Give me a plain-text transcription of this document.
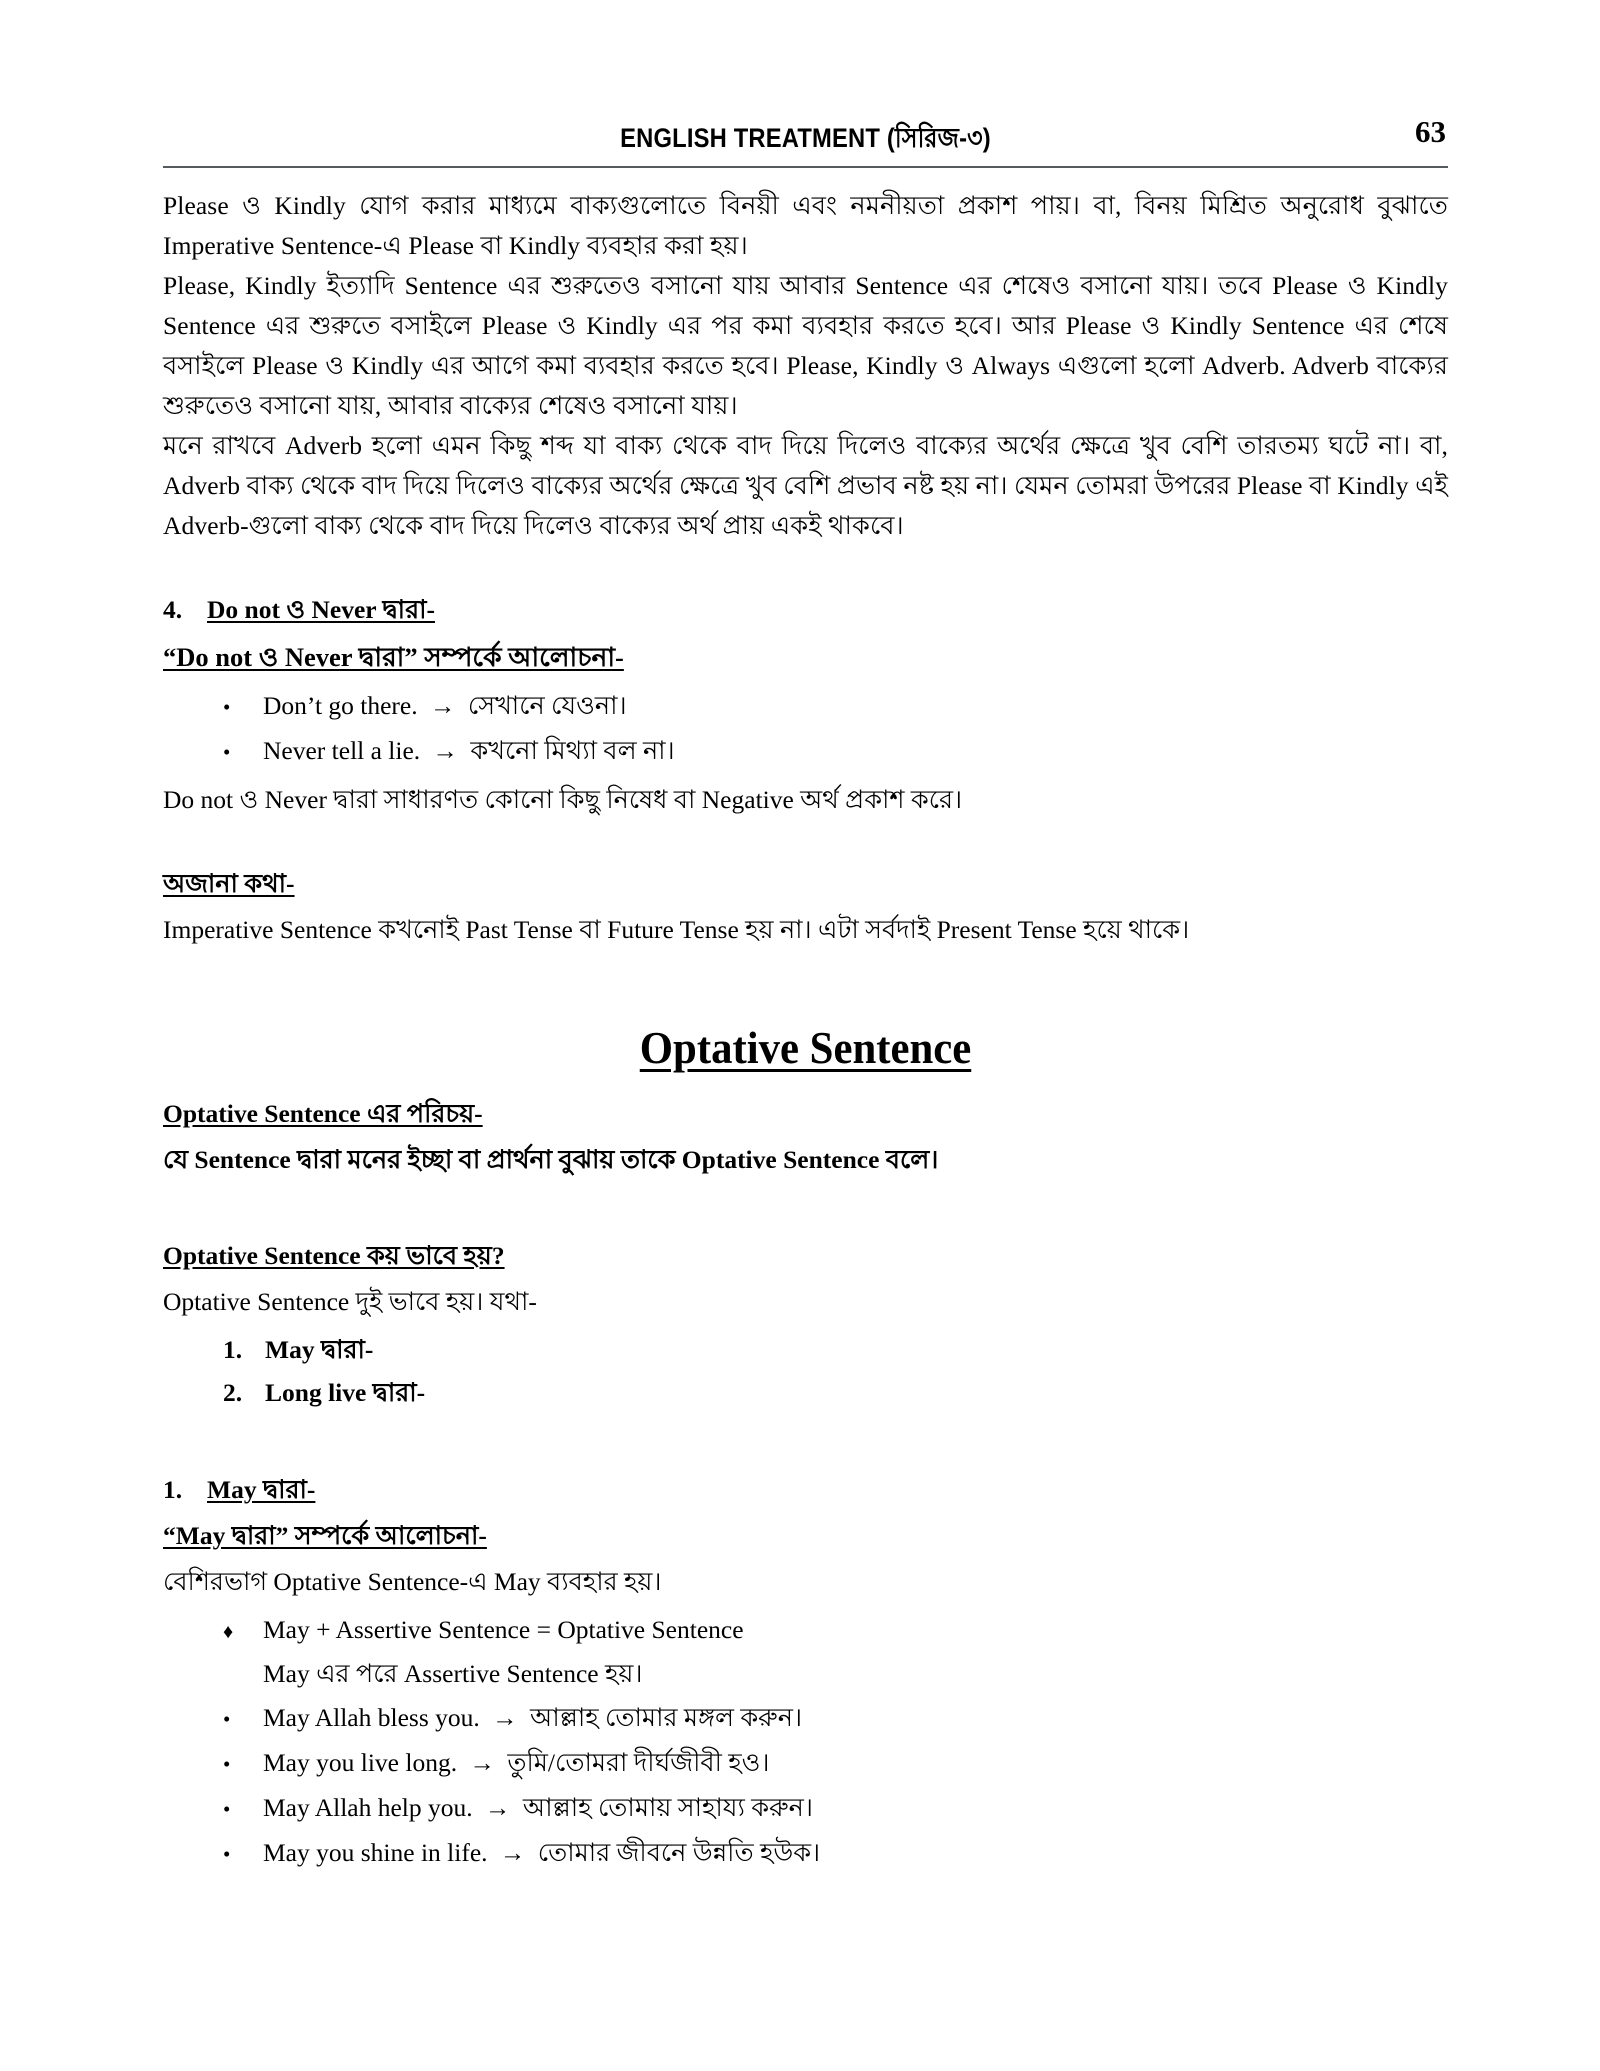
ENGLISH TREATMENT (সিরিজ-৩)	63

Please ও Kindly যোগ করার মাধ্যমে বাক্যগুলোতে বিনয়ী এবং নমনীয়তা প্রকাশ পায়। বা, বিনয় মিশ্রিত অনুরোধ বুঝাতে Imperative Sentence-এ Please বা Kindly ব্যবহার করা হয়।

Please, Kindly ইত্যাদি Sentence এর শুরুতেও বসানো যায় আবার Sentence এর শেষেও বসানো যায়। তবে Please ও Kindly Sentence এর শুরুতে বসাইলে Please ও Kindly এর পর কমা ব্যবহার করতে হবে। আর Please ও Kindly Sentence এর শেষে বসাইলে Please ও Kindly এর আগে কমা ব্যবহার করতে হবে। Please, Kindly ও Always এগুলো হলো Adverb. Adverb বাক্যের শুরুতেও বসানো যায়, আবার বাক্যের শেষেও বসানো যায়।

মনে রাখবে Adverb হলো এমন কিছু শব্দ যা বাক্য থেকে বাদ দিয়ে দিলেও বাক্যের অর্থের ক্ষেত্রে খুব বেশি তারতম্য ঘটে না। বা, Adverb বাক্য থেকে বাদ দিয়ে দিলেও বাক্যের অর্থের ক্ষেত্রে খুব বেশি প্রভাব নষ্ট হয় না। যেমন তোমরা উপরের Please বা Kindly এই Adverb-গুলো বাক্য থেকে বাদ দিয়ে দিলেও বাক্যের অর্থ প্রায় একই থাকবে।

4. Do not ও Never দ্বারা-
“Do not ও Never দ্বারা” সম্পর্কে আলোচনা-
•	Don’t go there. → সেখানে যেওনা।
•	Never tell a lie. → কখনো মিথ্যা বল না।

Do not ও Never দ্বারা সাধারণত কোনো কিছু নিষেধ বা Negative অর্থ প্রকাশ করে।

অজানা কথা-

Imperative Sentence কখনোই Past Tense বা Future Tense হয় না। এটা সর্বদাই Present Tense হয়ে থাকে।

Optative Sentence
Optative Sentence এর পরিচয়-

যে Sentence দ্বারা মনের ইচ্ছা বা প্রার্থনা বুঝায় তাকে Optative Sentence বলে।

Optative Sentence কয় ভাবে হয়?

Optative Sentence দুই ভাবে হয়। যথা-

1. May দ্বারা-
2. Long live দ্বারা-
1. May দ্বারা-
“May দ্বারা” সম্পর্কে আলোচনা-

বেশিরভাগ Optative Sentence-এ May ব্যবহার হয়।

♦	May + Assertive Sentence = Optative Sentence
May এর পরে Assertive Sentence হয়।
•	May Allah bless you. → আল্লাহ তোমার মঙ্গল করুন।
•	May you live long. → তুমি/তোমরা দীর্ঘজীবী হও।
•	May Allah help you. → আল্লাহ তোমায় সাহায্য করুন।
•	May you shine in life. → তোমার জীবনে উন্নতি হউক।
